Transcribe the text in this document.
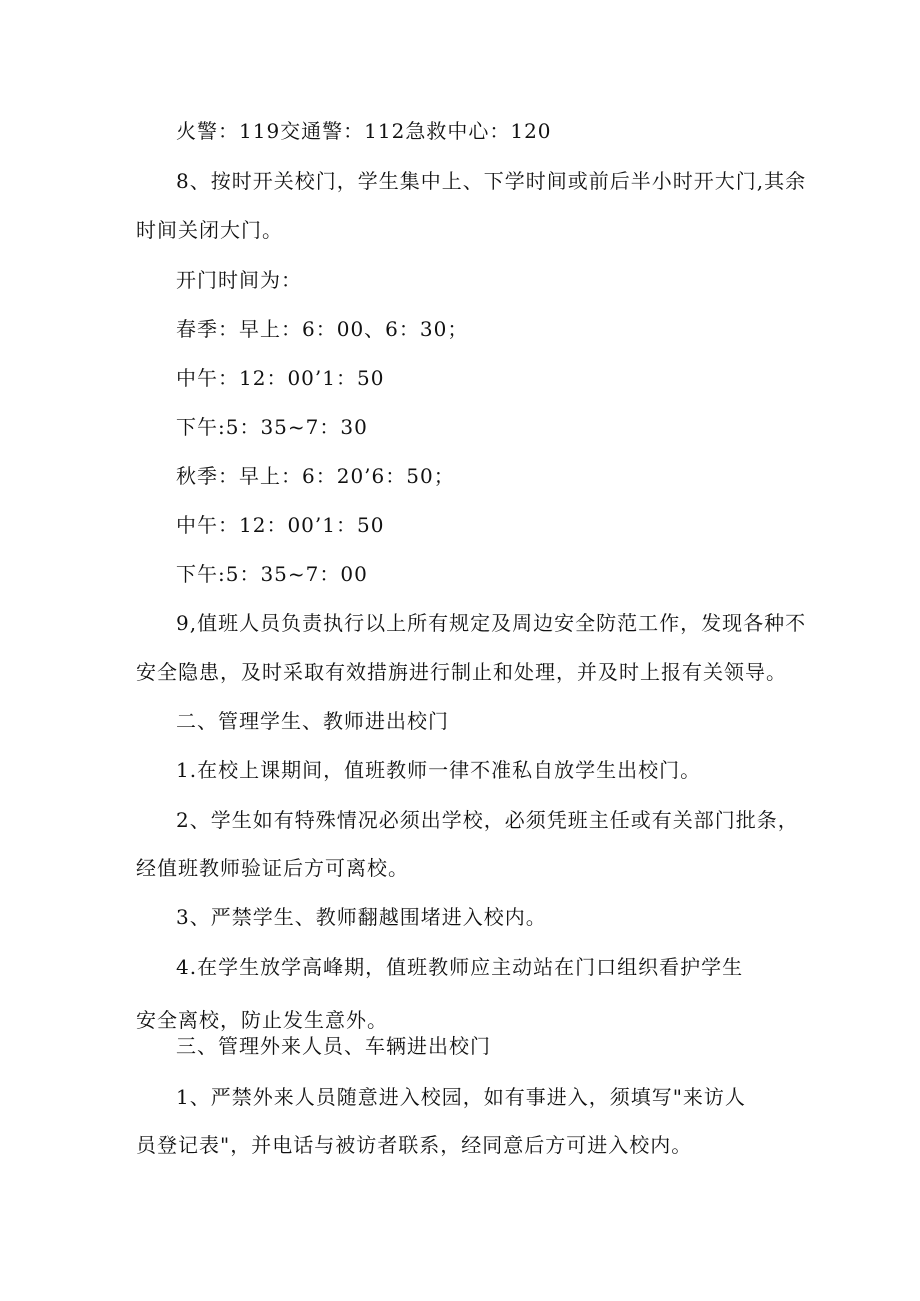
火警：119交通警：112急救中心：120
8、按时开关校门，学生集中上、下学时间或前后半小时开大门,其余
时间关闭大门。
开门时间为：
春季：早上：6：00、6：30；
中午：12：00’1：50
下午:5：35~7：30
秋季：早上：6：20’6：50；
中午：12：00’1：50
下午:5：35~7：00
9,值班人员负责执行以上所有规定及周边安全防范工作，发现各种不
安全隐患，及时采取有效措旃进行制止和处理，并及时上报有关领导。
二、管理学生、教师进出校门
1.在校上课期间，值班教师一律不准私自放学生出校门。
2、学生如有特殊情况必须出学校，必须凭班主任或有关部门批条，
经值班教师验证后方可离校。
3、严禁学生、教师翻越围堵进入校内。
4.在学生放学高峰期，值班教师应主动站在门口组织看护学生
安全离校，防止发生意外。
三、管理外来人员、车辆进出校门
1、严禁外来人员随意进入校园，如有事进入，须填写"来访人
员登记表"，并电话与被访者联系，经同意后方可进入校内。
